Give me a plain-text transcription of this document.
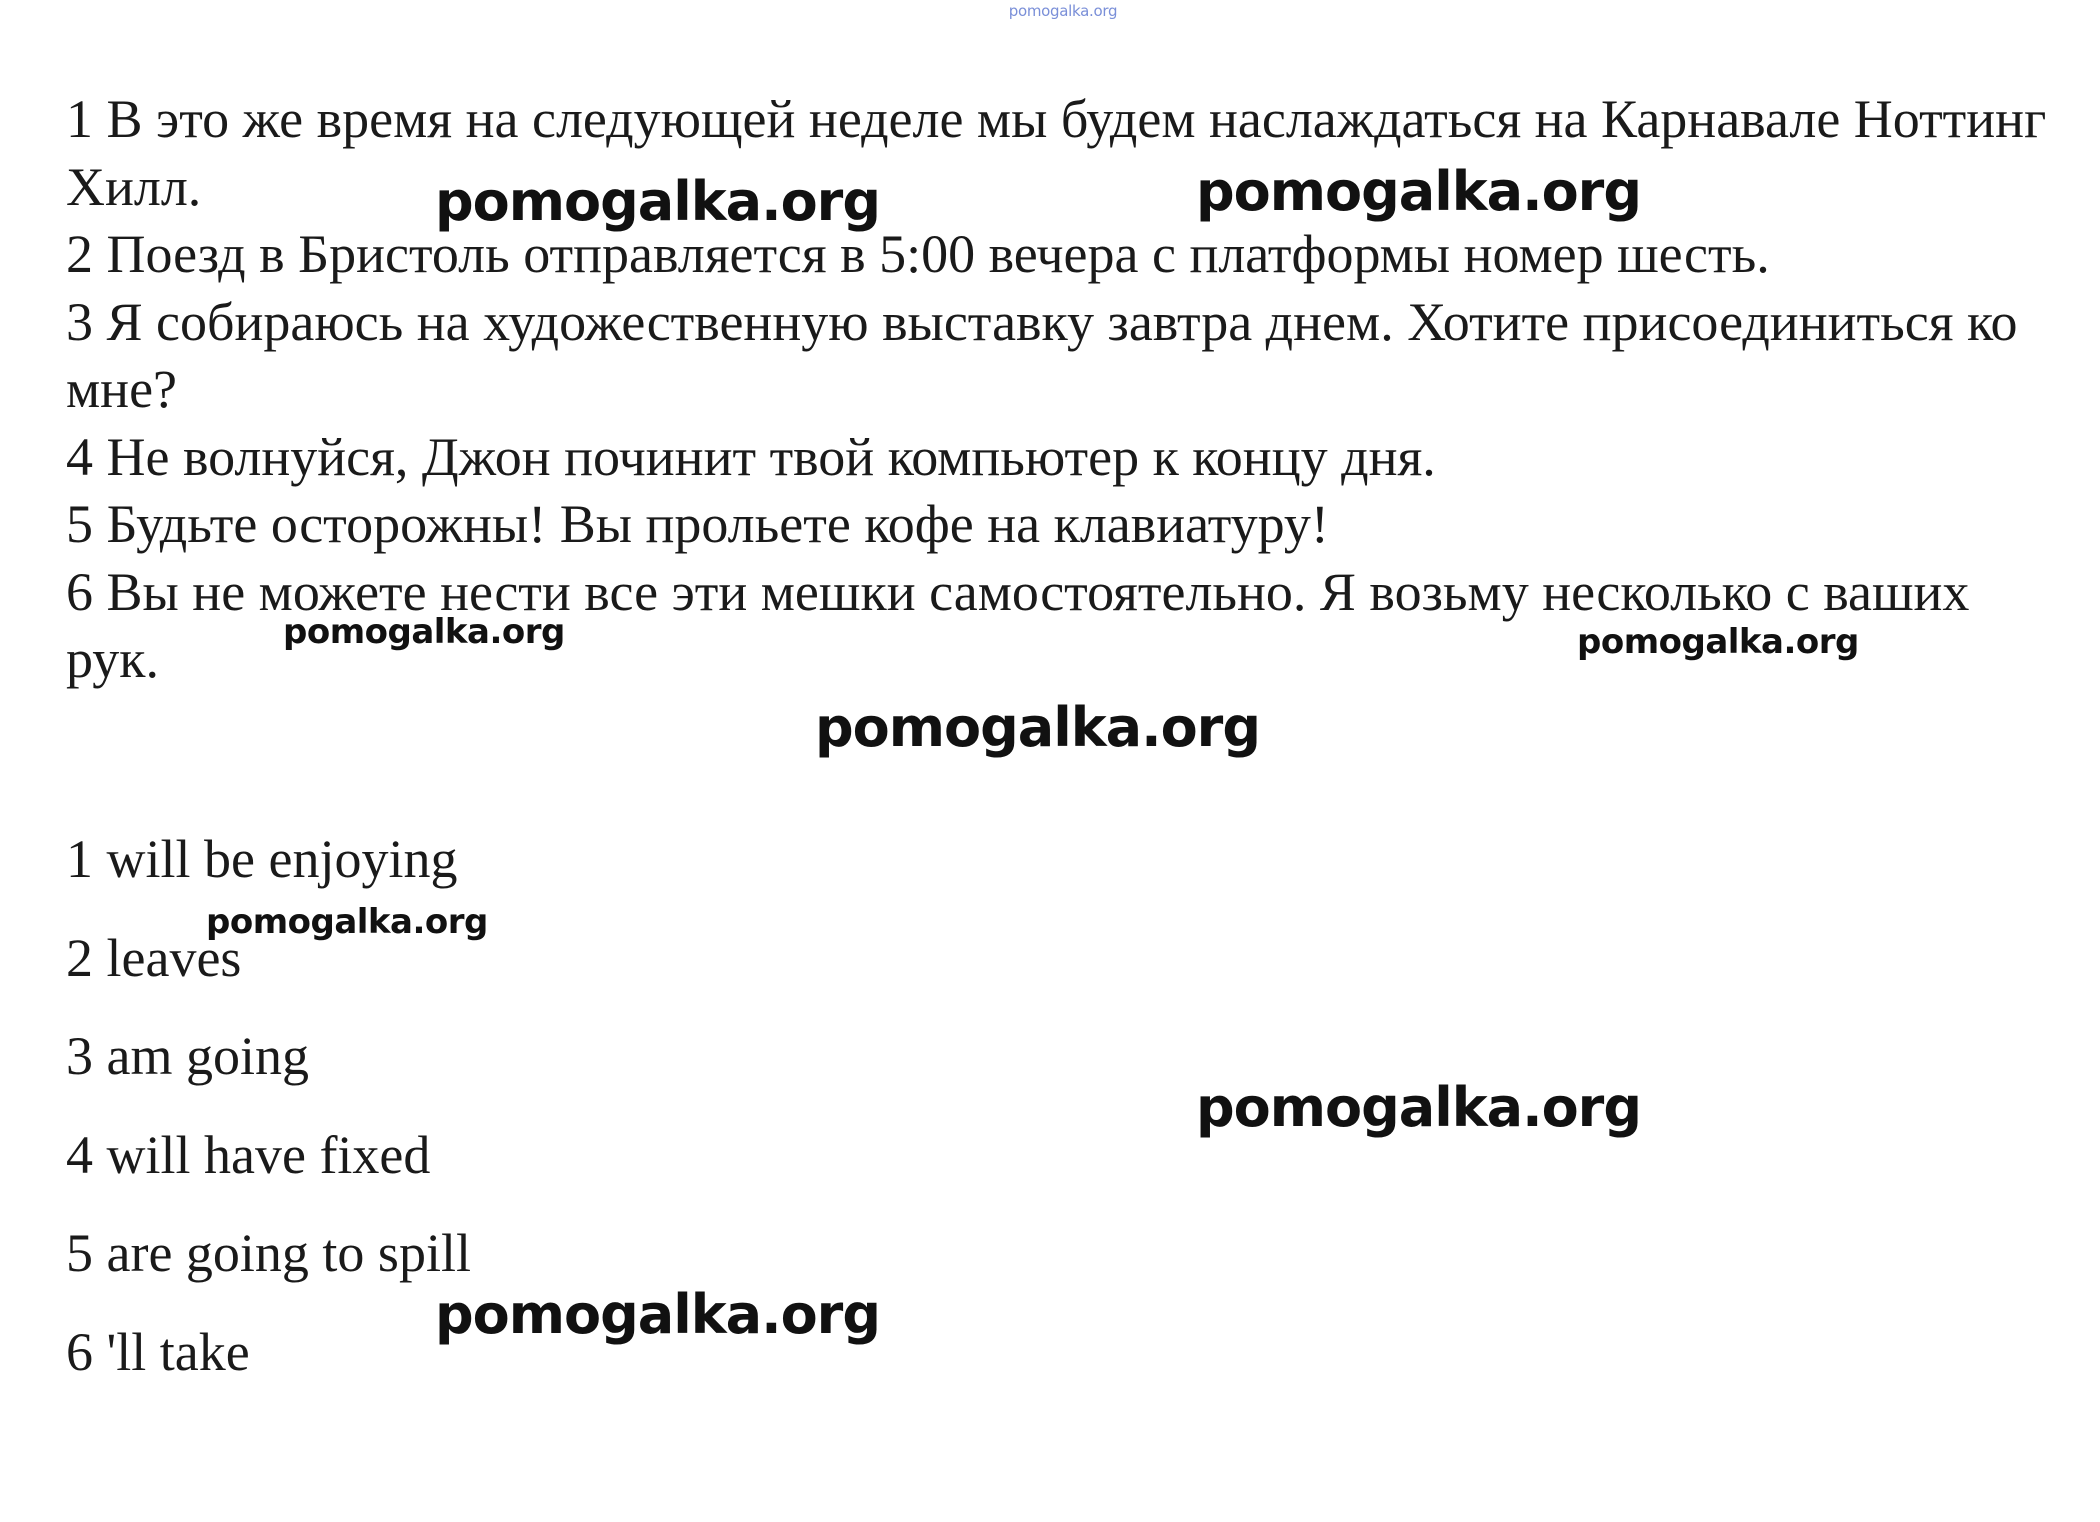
pomogalka.org

1 В это же время на следующей неделе мы будем наслаждаться на Карнавале Ноттинг Хилл.

2 Поезд в Бристоль отправляется в 5:00 вечера с платформы номер шесть.

3 Я собираюсь на художественную выставку завтра днем. Хотите присоединиться ко мне?

4 Не волнуйся, Джон починит твой компьютер к концу дня.

5 Будьте осторожны! Вы прольете кофе на клавиатуру!

6 Вы не можете нести все эти мешки самостоятельно. Я возьму несколько с ваших рук.

1 will be enjoying

2 leaves

3 am going

4 will have fixed

5 are going to spill

6 'll take

pomogalka.org	pomogalka.org
pomogalka.org	pomogalka.org
pomogalka.org
pomogalka.org
pomogalka.org
pomogalka.org
